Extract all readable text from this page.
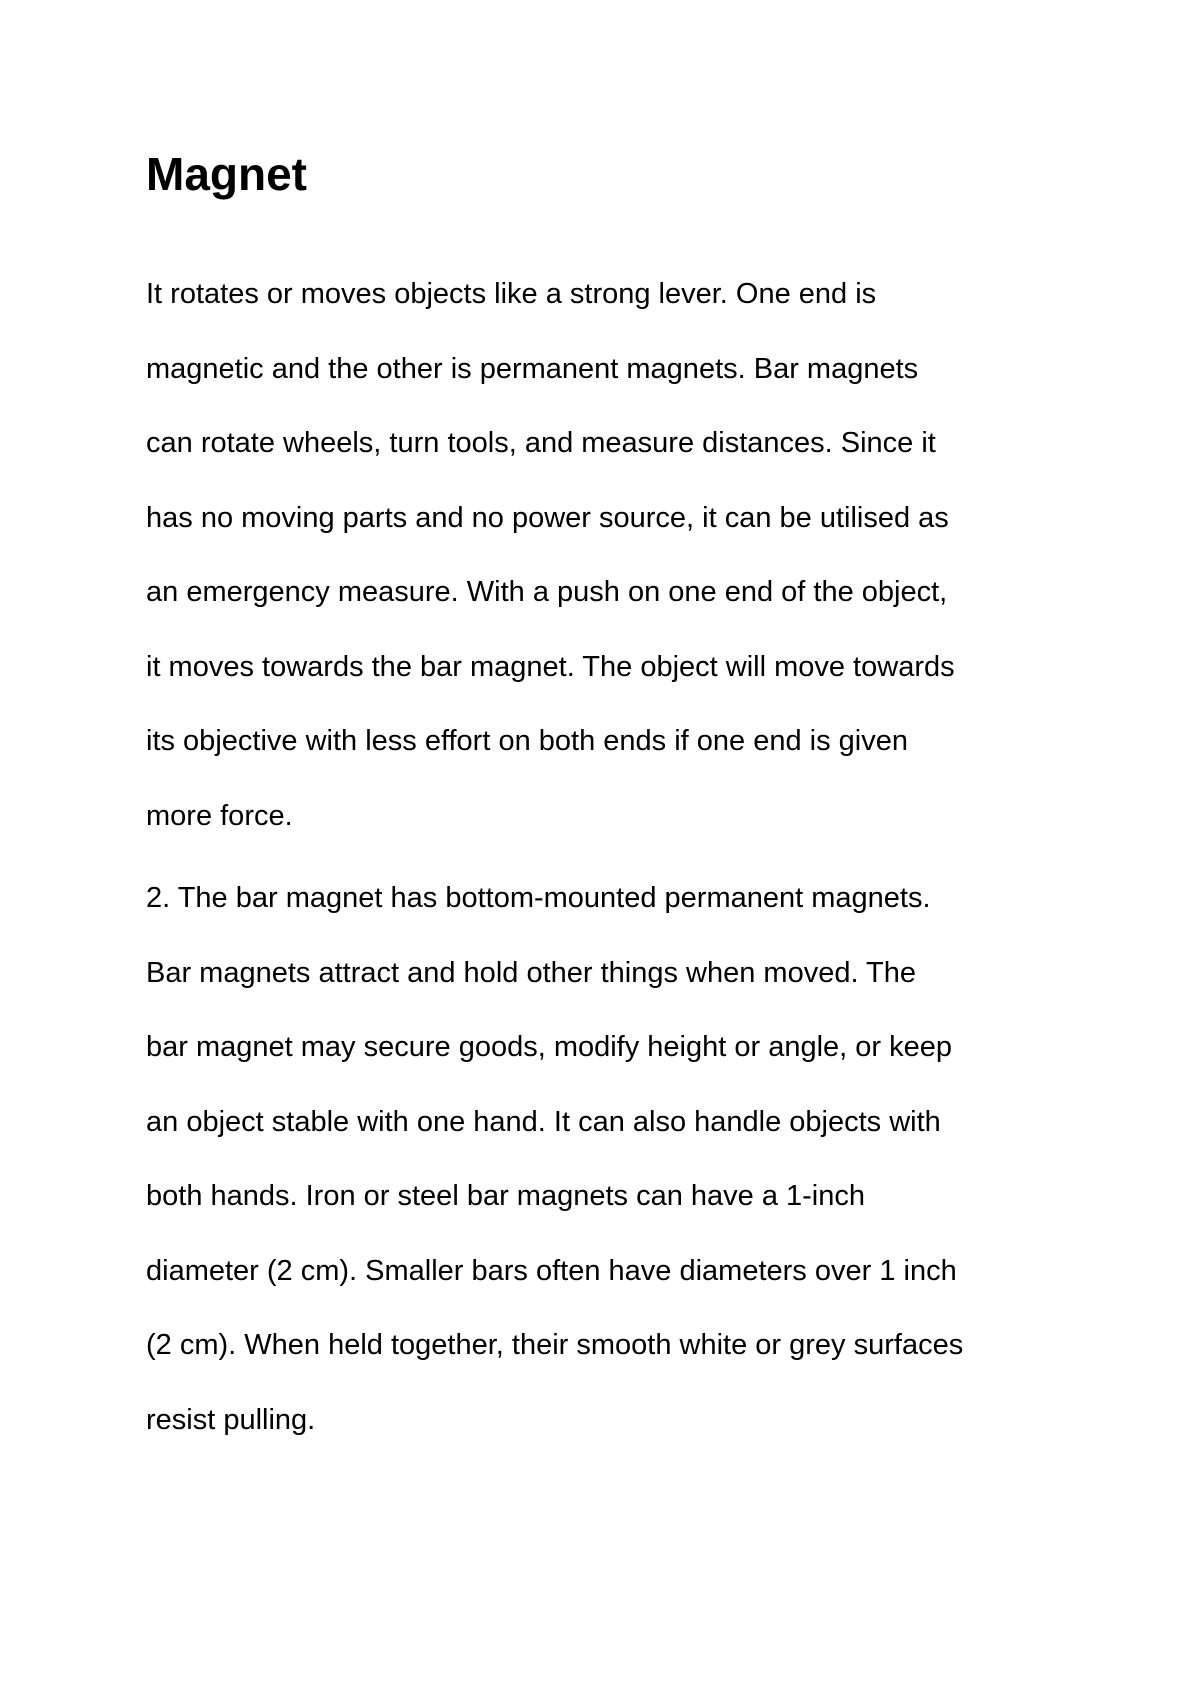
Magnet
It rotates or moves objects like a strong lever. One end is
magnetic and the other is permanent magnets. Bar magnets
can rotate wheels, turn tools, and measure distances. Since it
has no moving parts and no power source, it can be utilised as
an emergency measure. With a push on one end of the object,
it moves towards the bar magnet. The object will move towards
its objective with less effort on both ends if one end is given
more force.
2. The bar magnet has bottom-mounted permanent magnets.
Bar magnets attract and hold other things when moved. The
bar magnet may secure goods, modify height or angle, or keep
an object stable with one hand. It can also handle objects with
both hands. Iron or steel bar magnets can have a 1-inch
diameter (2 cm). Smaller bars often have diameters over 1 inch
(2 cm). When held together, their smooth white or grey surfaces
resist pulling.
